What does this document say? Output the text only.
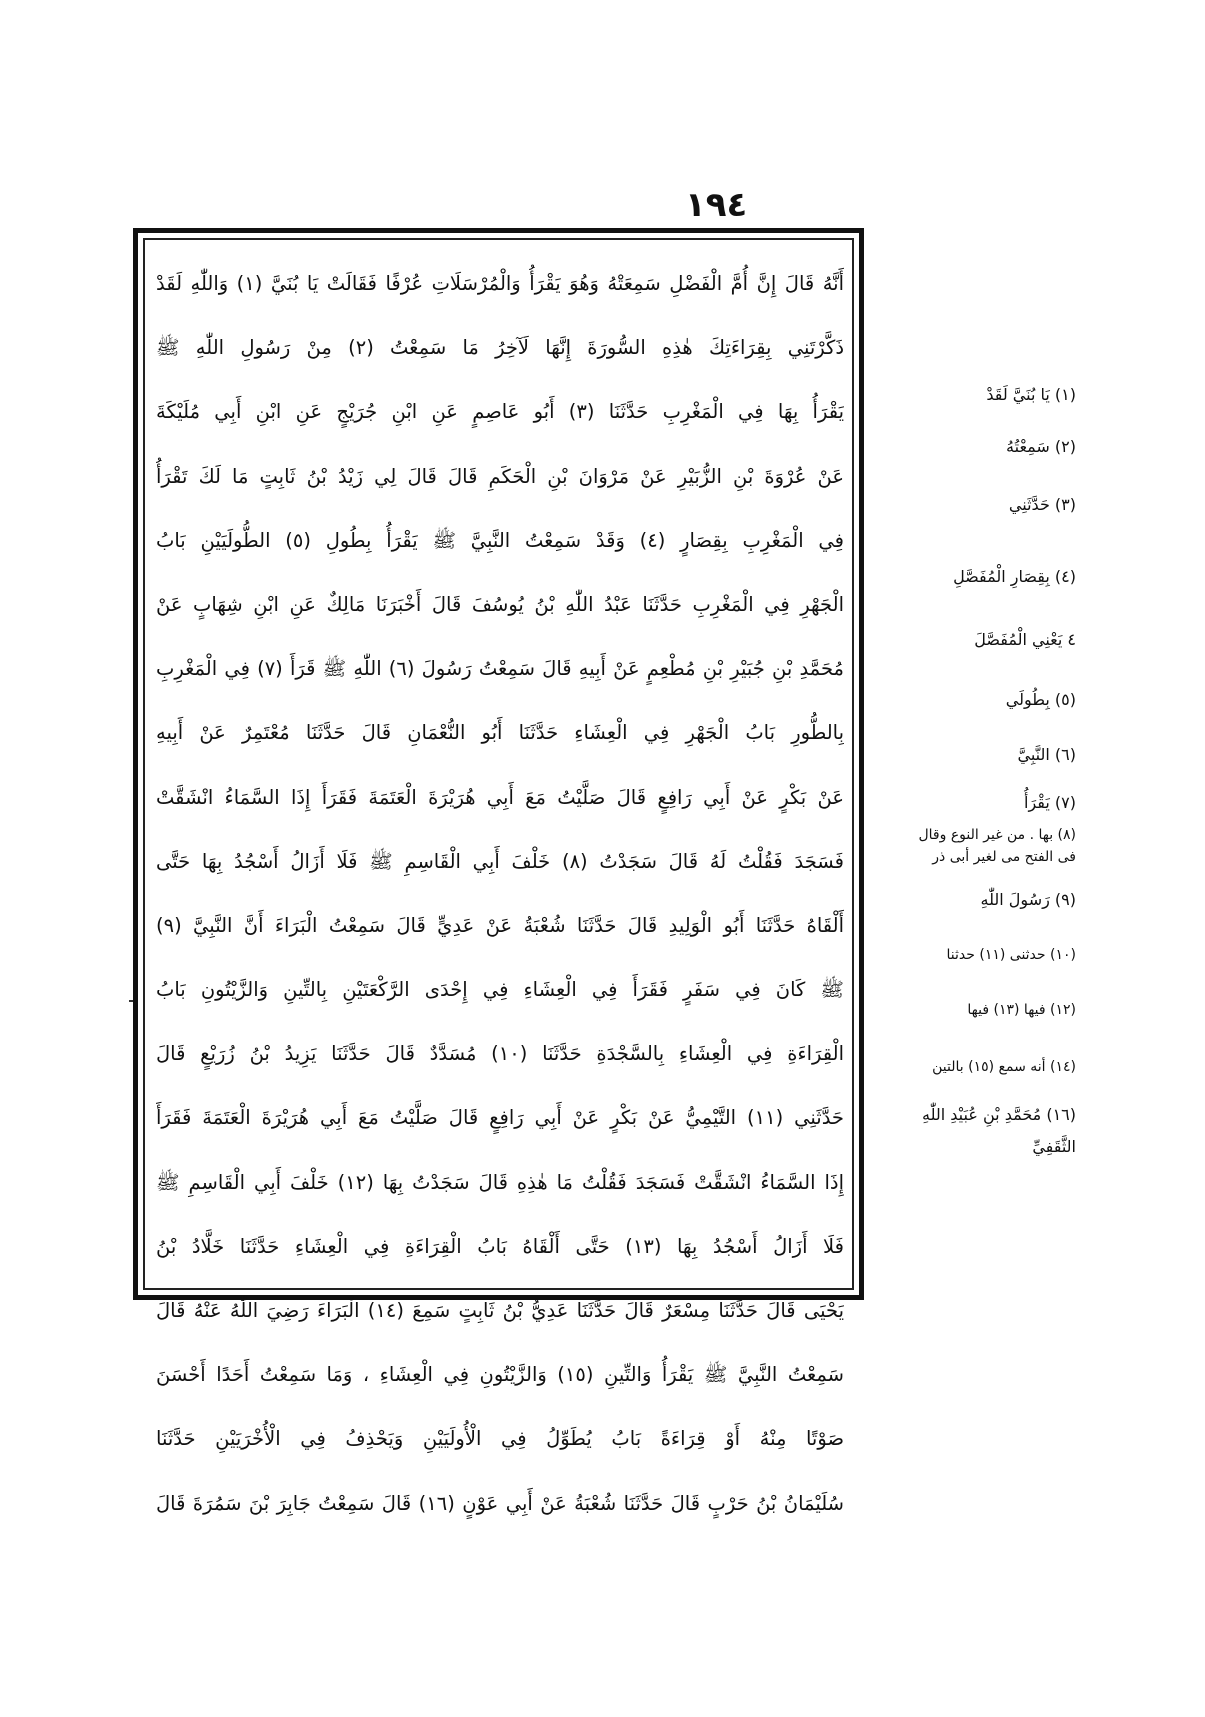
١٩٤
أَنَّهُ قَالَ إِنَّ أُمَّ الْفَضْلِ سَمِعَتْهُ وَهُوَ يَقْرَأُ وَالْمُرْسَلَاتِ عُرْفًا فَقَالَتْ يَا بُنَيَّ (١) وَاللّٰهِ لَقَدْ
ذَكَّرْتَنِي بِقِرَاءَتِكَ هٰذِهِ السُّورَةَ إِنَّهَا لَآخِرُ مَا سَمِعْتُ (٢) مِنْ رَسُولِ اللّٰهِ ﷺ
يَقْرَأُ بِهَا فِي الْمَغْرِبِ حَدَّثَنَا (٣) أَبُو عَاصِمٍ عَنِ ابْنِ جُرَيْجٍ عَنِ ابْنِ أَبِي مُلَيْكَةَ
عَنْ عُرْوَةَ بْنِ الزُّبَيْرِ عَنْ مَرْوَانَ بْنِ الْحَكَمِ قَالَ قَالَ لِي زَيْدُ بْنُ ثَابِتٍ مَا لَكَ تَقْرَأُ
فِي الْمَغْرِبِ بِقِصَارٍ (٤) وَقَدْ سَمِعْتُ النَّبِيَّ ﷺ يَقْرَأُ بِطُولِ (٥) الطُّولَيَيْنِ بَابُ
الْجَهْرِ فِي الْمَغْرِبِ حَدَّثَنَا عَبْدُ اللّٰهِ بْنُ يُوسُفَ قَالَ أَخْبَرَنَا مَالِكٌ عَنِ ابْنِ شِهَابٍ عَنْ
مُحَمَّدِ بْنِ جُبَيْرِ بْنِ مُطْعِمٍ عَنْ أَبِيهِ قَالَ سَمِعْتُ رَسُولَ (٦) اللّٰهِ ﷺ قَرَأَ (٧) فِي الْمَغْرِبِ
بِالطُّورِ بَابُ الْجَهْرِ فِي الْعِشَاءِ حَدَّثَنَا أَبُو النُّعْمَانِ قَالَ حَدَّثَنَا مُعْتَمِرٌ عَنْ أَبِيهِ
عَنْ بَكْرٍ عَنْ أَبِي رَافِعٍ قَالَ صَلَّيْتُ مَعَ أَبِي هُرَيْرَةَ الْعَتَمَةَ فَقَرَأَ إِذَا السَّمَاءُ انْشَقَّتْ
فَسَجَدَ فَقُلْتُ لَهُ قَالَ سَجَدْتُ (٨) خَلْفَ أَبِي الْقَاسِمِ ﷺ فَلَا أَزَالُ أَسْجُدُ بِهَا حَتَّى
أَلْقَاهُ حَدَّثَنَا أَبُو الْوَلِيدِ قَالَ حَدَّثَنَا شُعْبَةُ عَنْ عَدِيٍّ قَالَ سَمِعْتُ الْبَرَاءَ أَنَّ النَّبِيَّ (٩)
ﷺ كَانَ فِي سَفَرٍ فَقَرَأَ فِي الْعِشَاءِ فِي إِحْدَى الرَّكْعَتَيْنِ بِالتِّينِ وَالزَّيْتُونِ بَابُ
الْقِرَاءَةِ فِي الْعِشَاءِ بِالسَّجْدَةِ حَدَّثَنَا (١٠) مُسَدَّدٌ قَالَ حَدَّثَنَا يَزِيدُ بْنُ زُرَيْعٍ قَالَ
حَدَّثَنِي (١١) التَّيْمِيُّ عَنْ بَكْرٍ عَنْ أَبِي رَافِعٍ قَالَ صَلَّيْتُ مَعَ أَبِي هُرَيْرَةَ الْعَتَمَةَ فَقَرَأَ
إِذَا السَّمَاءُ انْشَقَّتْ فَسَجَدَ فَقُلْتُ مَا هٰذِهِ قَالَ سَجَدْتُ بِهَا (١٢) خَلْفَ أَبِي الْقَاسِمِ ﷺ
فَلَا أَزَالُ أَسْجُدُ بِهَا (١٣) حَتَّى أَلْقَاهُ بَابُ الْقِرَاءَةِ فِي الْعِشَاءِ حَدَّثَنَا خَلَّادُ بْنُ
يَحْيَى قَالَ حَدَّثَنَا مِسْعَرٌ قَالَ حَدَّثَنَا عَدِيُّ بْنُ ثَابِتٍ سَمِعَ (١٤) الْبَرَاءَ رَضِيَ اللّٰهُ عَنْهُ قَالَ
سَمِعْتُ النَّبِيَّ ﷺ يَقْرَأُ وَالتِّينِ (١٥) وَالزَّيْتُونِ فِي الْعِشَاءِ ، وَمَا سَمِعْتُ أَحَدًا أَحْسَنَ
صَوْتًا مِنْهُ أَوْ قِرَاءَةً بَابُ يُطَوِّلُ فِي الْأُولَيَيْنِ وَيَحْذِفُ فِي الْأُخْرَيَيْنِ حَدَّثَنَا
سُلَيْمَانُ بْنُ حَرْبٍ قَالَ حَدَّثَنَا شُعْبَةُ عَنْ أَبِي عَوْنٍ (١٦) قَالَ سَمِعْتُ جَابِرَ بْنَ سَمُرَةَ قَالَ
(١) يَا بُنَيَّ لَقَدْ
(٢) سَمِعْتُهُ
(٣) حَدَّثَنِي
(٤) بِقِصَارِ الْمُفَصَّلِ
٤ يَعْنِي الْمُفَصَّلَ
(٥) بِطُولَي
(٦) النَّبِيَّ
(٧) يَقْرَأُ
(٨) بها . من غير النوع وقال
فى الفتح مى لغير أبى ذر
(٩) رَسُولَ اللّٰهِ
(١٠) حدثنى (١١) حدثنا
(١٢) فيها (١٣) فيها
(١٤) أنه سمع (١٥) بالتين
(١٦) مُحَمَّدِ بْنِ عُبَيْدِ اللّٰهِ
الثَّقَفِيِّ
